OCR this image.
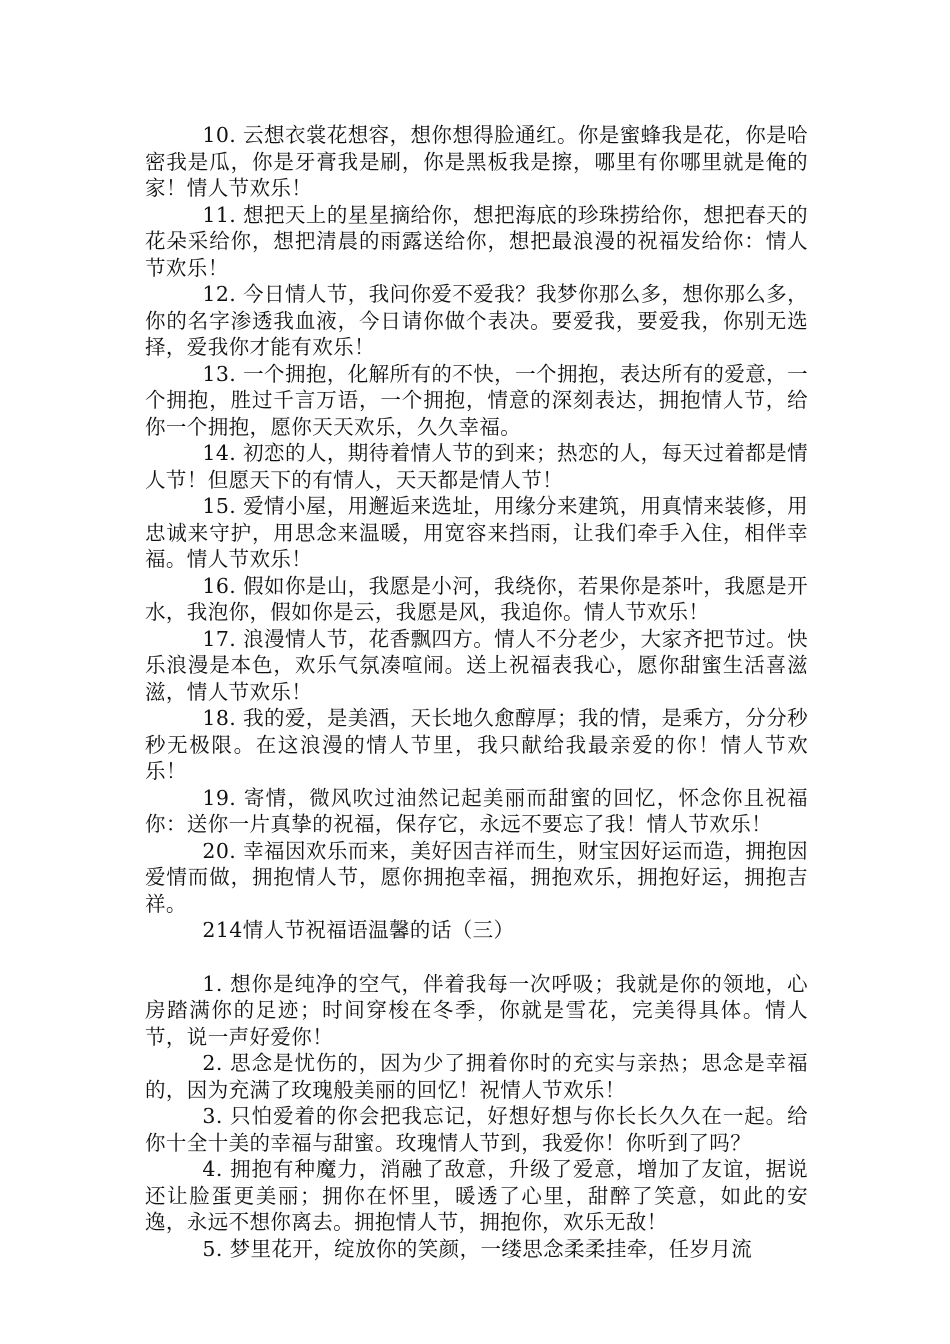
10. 云想衣裳花想容，想你想得脸通红。你是蜜蜂我是花，你是哈密我是瓜，你是牙膏我是刷，你是黑板我是擦，哪里有你哪里就是俺的家！情人节欢乐！

11. 想把天上的星星摘给你，想把海底的珍珠捞给你，想把春天的花朵采给你，想把清晨的雨露送给你，想把最浪漫的祝福发给你：情人节欢乐！

12. 今日情人节，我问你爱不爱我？我梦你那么多，想你那么多，你的名字渗透我血液，今日请你做个表决。要爱我，要爱我，你别无选择，爱我你才能有欢乐！

13. 一个拥抱，化解所有的不快，一个拥抱，表达所有的爱意，一个拥抱，胜过千言万语，一个拥抱，情意的深刻表达，拥抱情人节，给你一个拥抱，愿你天天欢乐，久久幸福。

14. 初恋的人，期待着情人节的到来；热恋的人，每天过着都是情人节！但愿天下的有情人，天天都是情人节！

15. 爱情小屋，用邂逅来选址，用缘分来建筑，用真情来装修，用忠诚来守护，用思念来温暖，用宽容来挡雨，让我们牵手入住，相伴幸福。情人节欢乐！

16. 假如你是山，我愿是小河，我绕你，若果你是茶叶，我愿是开水，我泡你，假如你是云，我愿是风，我追你。情人节欢乐！

17. 浪漫情人节，花香飘四方。情人不分老少，大家齐把节过。快乐浪漫是本色，欢乐气氛凑喧闹。送上祝福表我心，愿你甜蜜生活喜滋滋，情人节欢乐！

18. 我的爱，是美酒，天长地久愈醇厚；我的情，是乘方，分分秒秒无极限。在这浪漫的情人节里，我只献给我最亲爱的你！情人节欢乐！

19. 寄情，微风吹过油然记起美丽而甜蜜的回忆，怀念你且祝福你：送你一片真挚的祝福，保存它，永远不要忘了我！情人节欢乐！

20. 幸福因欢乐而来，美好因吉祥而生，财宝因好运而造，拥抱因爱情而做，拥抱情人节，愿你拥抱幸福，拥抱欢乐，拥抱好运，拥抱吉祥。

214情人节祝福语温馨的话（三）

1. 想你是纯净的空气，伴着我每一次呼吸；我就是你的领地，心房踏满你的足迹；时间穿梭在冬季，你就是雪花，完美得具体。情人节，说一声好爱你！

2. 思念是忧伤的，因为少了拥着你时的充实与亲热；思念是幸福的，因为充满了玫瑰般美丽的回忆！祝情人节欢乐！

3. 只怕爱着的你会把我忘记，好想好想与你长长久久在一起。给你十全十美的幸福与甜蜜。玫瑰情人节到，我爱你！你听到了吗？

4. 拥抱有种魔力，消融了敌意，升级了爱意，增加了友谊，据说还让脸蛋更美丽；拥你在怀里，暖透了心里，甜醉了笑意，如此的安逸，永远不想你离去。拥抱情人节，拥抱你，欢乐无敌！

5. 梦里花开，绽放你的笑颜，一缕思念柔柔挂牵，任岁月流
